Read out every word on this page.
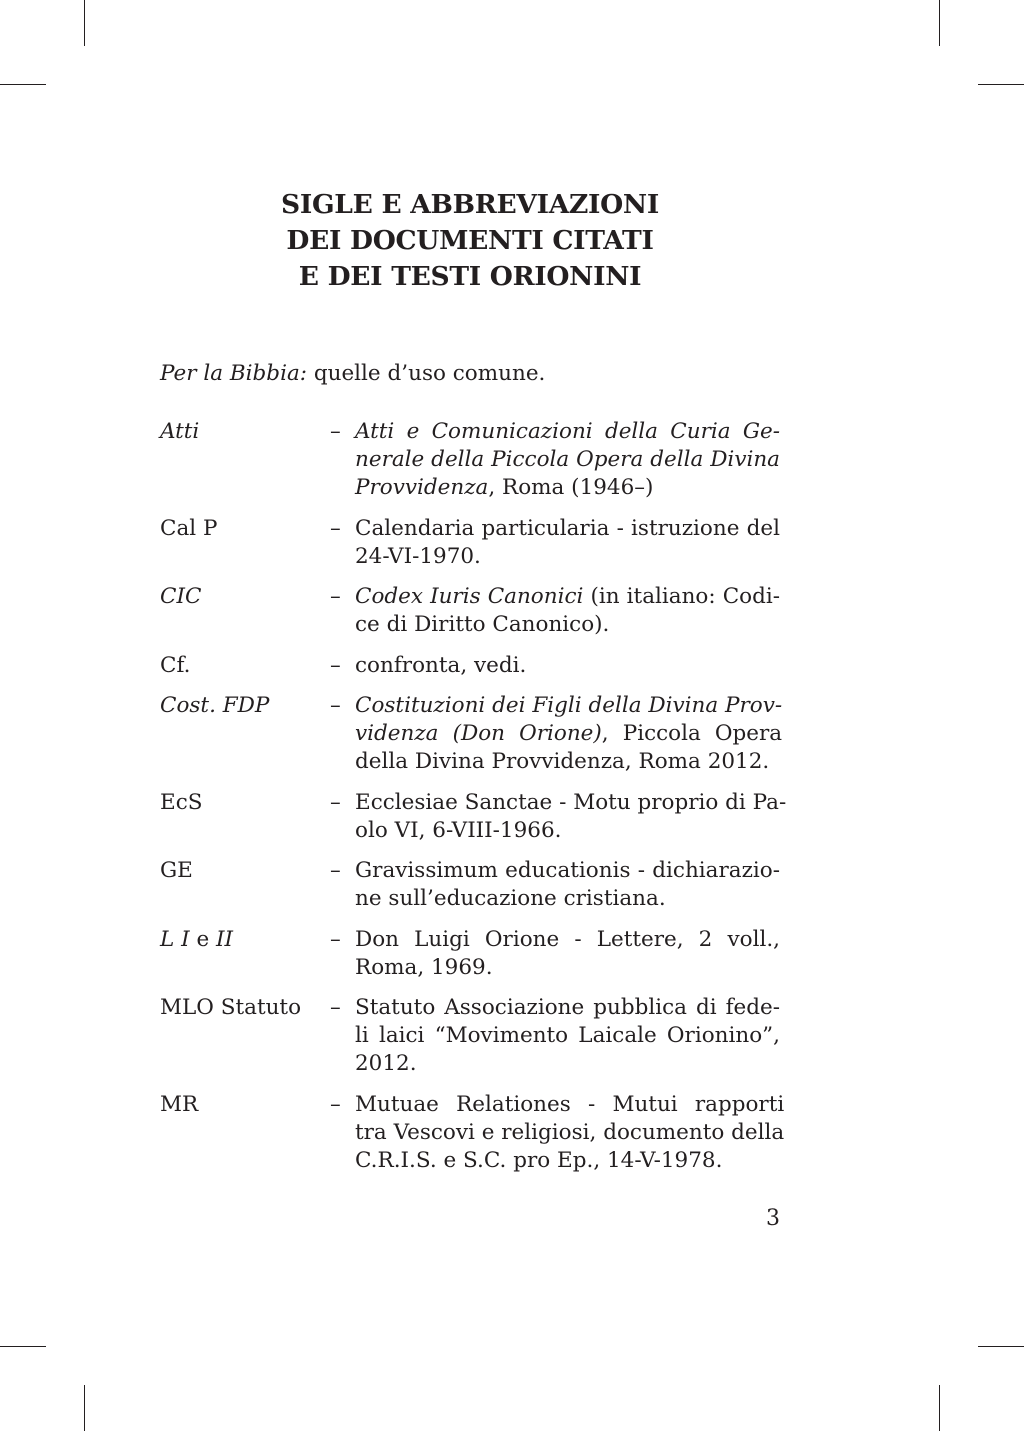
SIGLE E ABBREVIAZIONI
DEI DOCUMENTI CITATI
E DEI TESTI ORIONINI
Per la Bibbia: quelle d’uso comune.
Atti	– Atti e Comunicazioni della Curia Ge-
nerale della Piccola Opera della Divina
Provvidenza, Roma (1946–)
Cal P	– Calendaria particularia - istruzione del
24-VI-1970.
CIC	– Codex Iuris Canonici (in italiano: Codi-
ce di Diritto Canonico).
Cf.	– confronta, vedi.
Cost. FDP	– Costituzioni dei Figli della Divina Prov-
videnza (Don Orione), Piccola Opera
della Divina Provvidenza, Roma 2012.
EcS	– Ecclesiae Sanctae - Motu proprio di Pa-
olo VI, 6-VIII-1966.
GE	– Gravissimum educationis - dichiarazio-
ne sull’educazione cristiana.
L I e II	– Don Luigi Orione - Lettere, 2 voll.,
Roma, 1969.
MLO Statuto	– Statuto Associazione pubblica di fede-
li laici “Movimento Laicale Orionino”,
2012.
MR	– Mutuae Relationes - Mutui rapporti
tra Vescovi e religiosi, documento della
C.R.I.S. e S.C. pro Ep., 14-V-1978.
3
